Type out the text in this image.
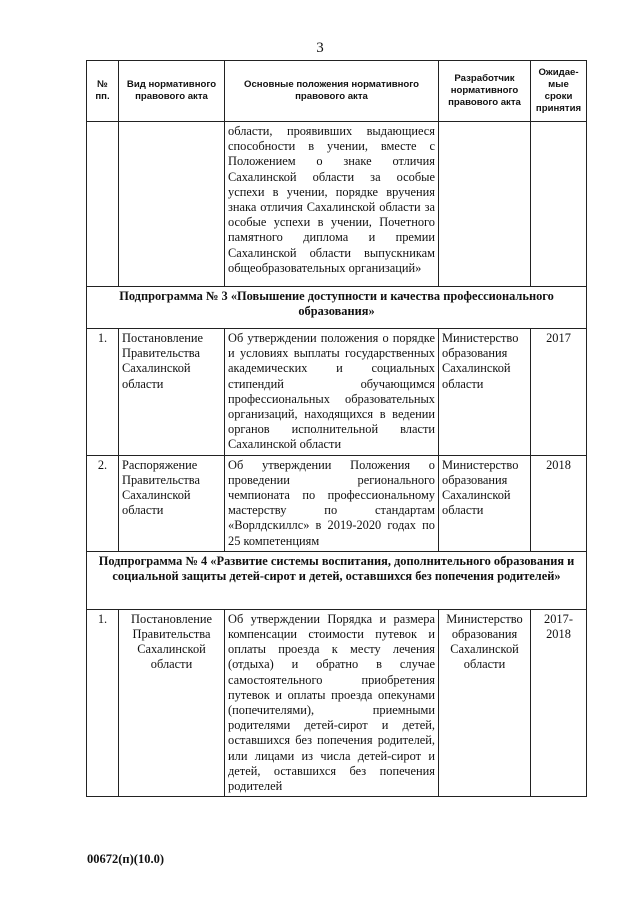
3
№ пп.	Вид нормативного правового акта	Основные положения нормативного правового акта	Разработчик нормативного правового акта	Ожидае-мые сроки принятия
		области, проявивших выдающиеся способности в учении, вместе с Положением о знаке отличия Сахалинской области за особые успехи в учении, порядке вручения знака отличия Сахалинской области за особые успехи в учении, Почетного памятного диплома и премии Сахалинской области выпускникам общеобразовательных организаций»		
Подпрограмма № 3 «Повышение доступности и качества профессионального образования»				
1.	Постановление Правительства Сахалинской области	Об утверждении положения о порядке и условиях выплаты государственных академических и социальных стипендий обучающимся профессиональных образовательных организаций, находящихся в ведении органов исполнительной власти Сахалинской области	Министерство образования Сахалинской области	2017
2.	Распоряжение Правительства Сахалинской области	Об утверждении Положения о проведении регионального чемпионата по профессиональному мастерству по стандартам «Ворлдскиллс» в 2019-2020 годах по 25 компетенциям	Министерство образования Сахалинской области	2018
Подпрограмма № 4 «Развитие системы воспитания, дополнительного образования и социальной защиты детей-сирот и детей, оставшихся без попечения родителей»				
1.	Постановление Правительства Сахалинской области	Об утверждении Порядка и размера компенсации стоимости путевок и оплаты проезда к месту лечения (отдыха) и обратно в случае самостоятельного приобретения путевок и оплаты проезда опекунами (попечителями), приемными родителями детей-сирот и детей, оставшихся без попечения родителей, или лицами из числа детей-сирот и детей, оставшихся без попечения родителей	Министерство образования Сахалинской области	2017-2018
00672(п)(10.0)
